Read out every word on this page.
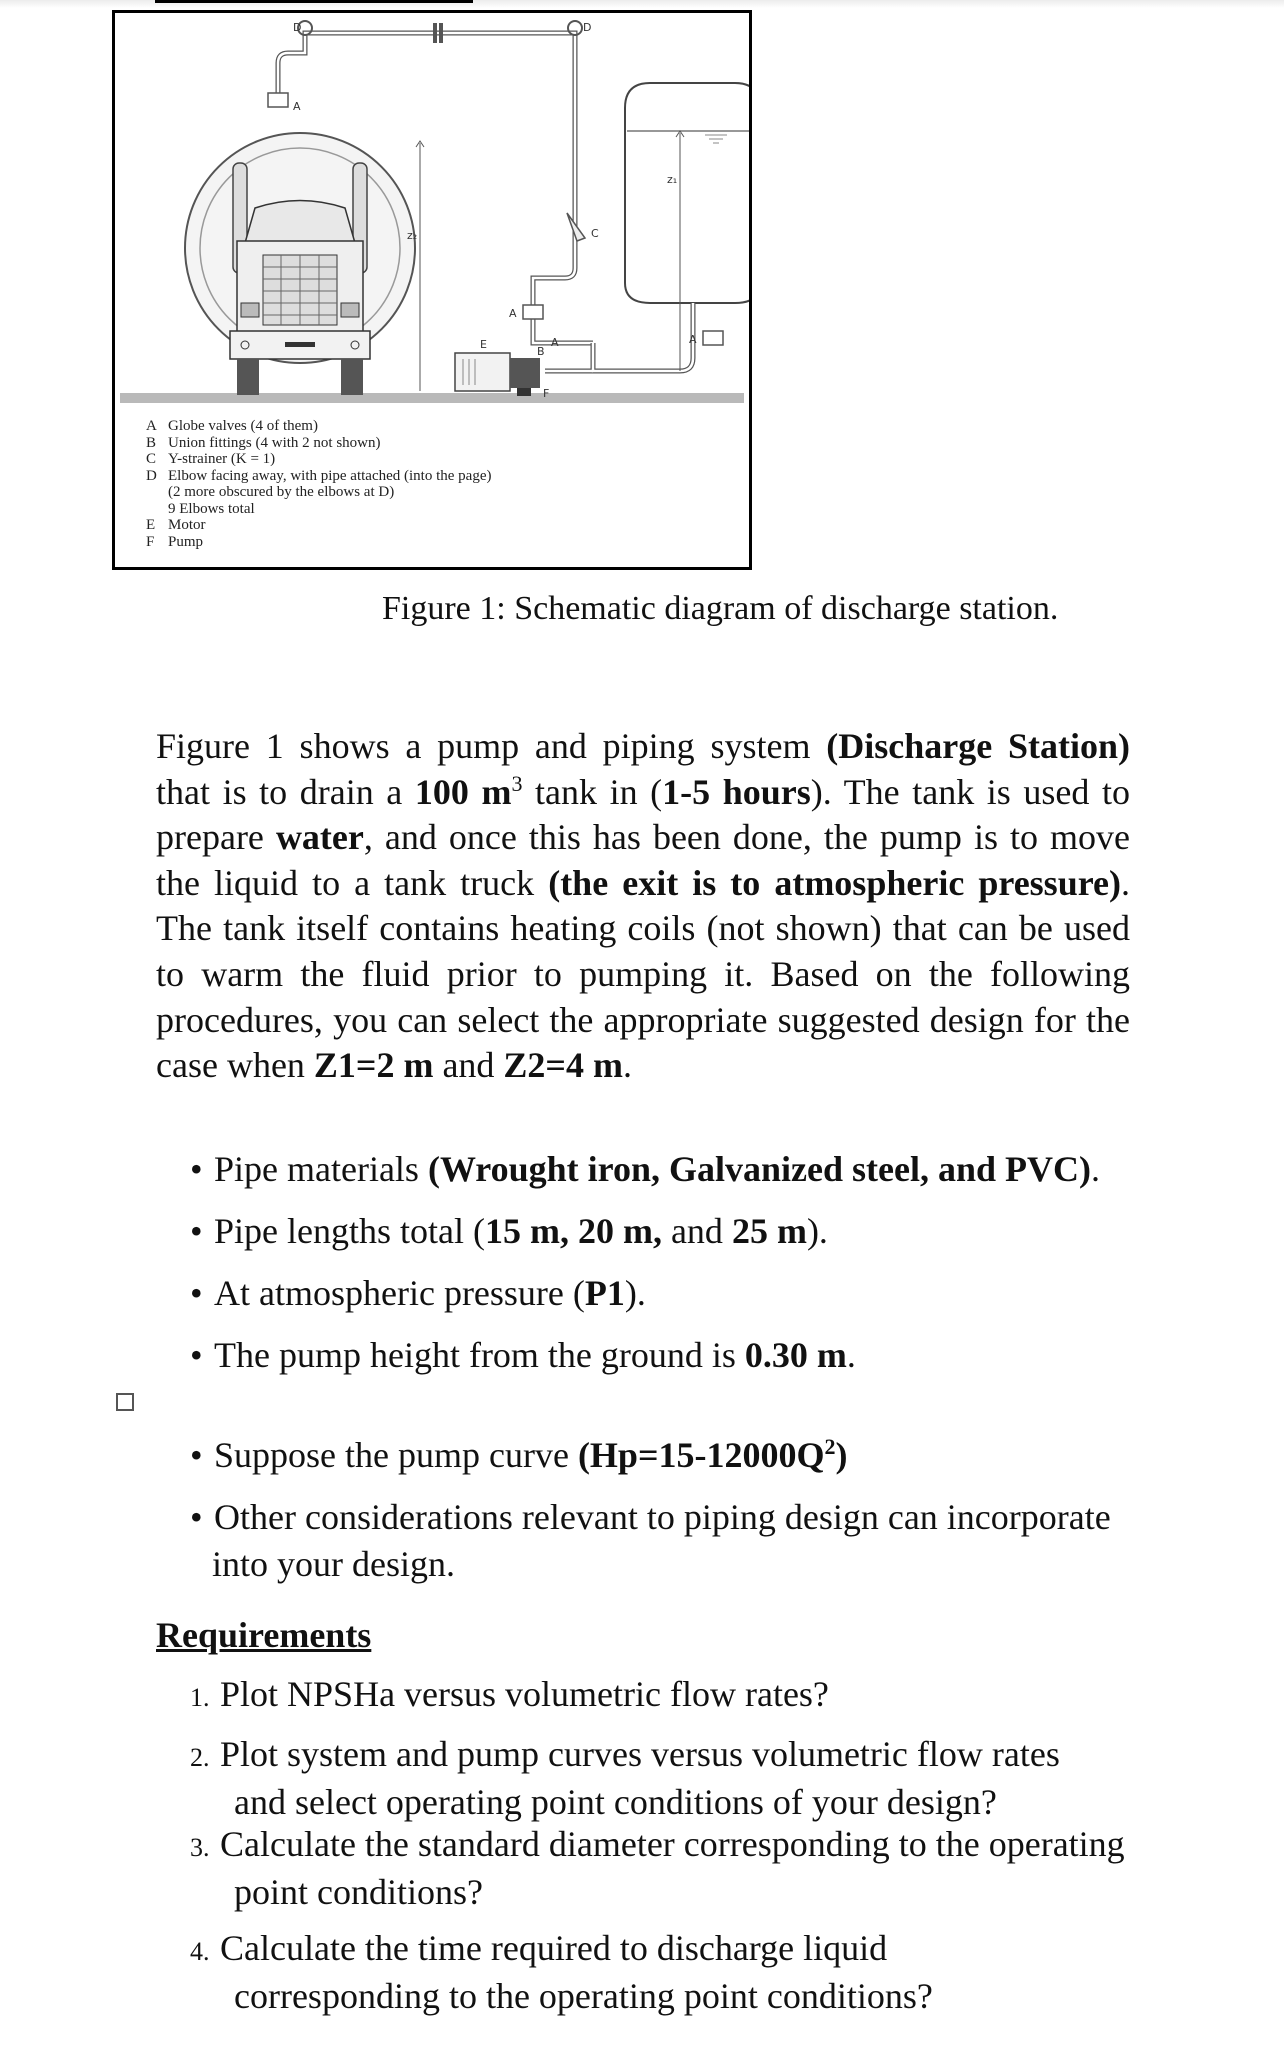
D	D
A
A
A	A
B
C
E
F
z₂
z₁
A Globe valves (4 of them)
B Union fittings (4 with 2 not shown)
C Y-strainer (K = 1)
D Elbow facing away, with pipe attached (into the page)
(2 more obscured by the elbows at D)
9 Elbows total
E Motor
F Pump
Figure 1: Schematic diagram of discharge station.
Figure 1 shows a pump and piping system (Discharge Station) that is to drain a 100 $m^3$ tank in (1-5 hours). The tank is used to prepare water, and once this has been done, the pump is to move the liquid to a tank truck (the exit is to atmospheric pressure). The tank itself contains heating coils (not shown) that can be used to warm the fluid prior to pumping it. Based on the following procedures, you can select the appropriate suggested design for the case when Z1=2 m and Z2=4 m.
• Pipe materials (Wrought iron, Galvanized steel, and PVC).
• Pipe lengths total (15 m, 20 m, and 25 m).
• At atmospheric pressure (P1).
• The pump height from the ground is 0.30 m.
• Suppose the pump curve $(Hp=15-12000Q^2)$
• Other considerations relevant to piping design can incorporate
into your design.
Requirements
1. Plot NPSHa versus volumetric flow rates?
2. Plot system and pump curves versus volumetric flow rates
and select operating point conditions of your design?
3. Calculate the standard diameter corresponding to the operating
point conditions?
4. Calculate the time required to discharge liquid
corresponding to the operating point conditions?
